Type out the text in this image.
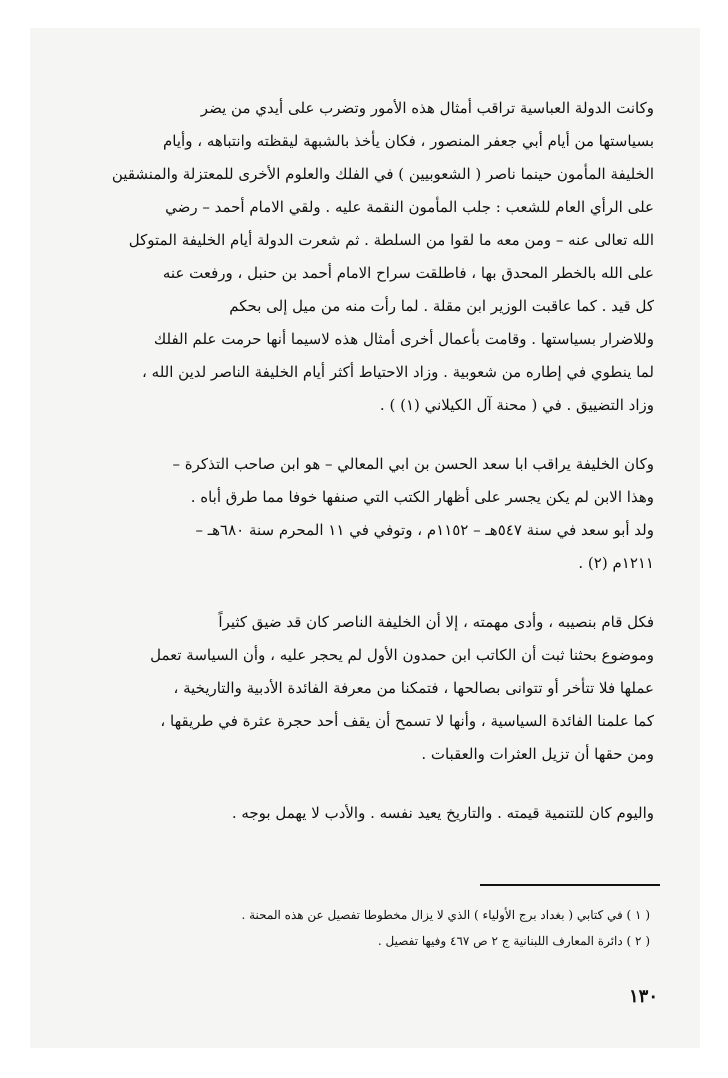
وكانت الدولة العباسية تراقب أمثال هذه الأمور وتضرب على أيدي من يضر
بسياستها من أيام أبي جعفر المنصور ، فكان يأخذ بالشبهة ليقظته وانتباهه ، وأيام
الخليفة المأمون حينما ناصر ( الشعوبيين ) في الفلك والعلوم الأخرى للمعتزلة والمنشقين
على الرأي العام للشعب : جلب المأمون النقمة عليه . ولقي الامام أحمد – رضي
الله تعالى عنه – ومن معه ما لقوا من السلطة . ثم شعرت الدولة أيام الخليفة المتوكل
على الله بالخطر المحدق بها ، فاطلقت سراح الامام أحمد بن حنبل ، ورفعت عنه
كل قيد . كما عاقبت الوزير ابن مقلة . لما رأت منه من ميل إلى بحكم
وللاضرار بسياستها . وقامت بأعمال أخرى أمثال هذه لاسيما أنها حرمت علم الفلك
لما ينطوي في إطاره من شعوبية . وزاد الاحتياط أكثر أيام الخليفة الناصر لدين الله ،
وزاد التضييق . في ( محنة آل الكيلاني (١) ) .
وكان الخليفة يراقب ابا سعد الحسن بن ابي المعالي – هو ابن صاحب التذكرة –
وهذا الابن لم يكن يجسر على أظهار الكتب التي صنفها خوفا مما طرق أباه .
ولد أبو سعد في سنة ٥٤٧هـ – ١١٥٢م ، وتوفي في ١١ المحرم سنة ٦٨٠هـ –
١٢١١م (٢) .
فكل قام بنصيبه ، وأدى مهمته ، إلا أن الخليفة الناصر كان قد ضيق كثيراً
وموضوع بحثنا ثبت أن الكاتب ابن حمدون الأول لم يحجر عليه ، وأن السياسة تعمل
عملها فلا تتأخر أو تتوانى بصالحها ، فتمكنا من معرفة الفائدة الأدبية والتاريخية ،
كما علمنا الفائدة السياسية ، وأنها لا تسمح أن يقف أحد حجرة عثرة في طريقها ،
ومن حقها أن تزيل العثرات والعقبات .
واليوم كان للتنمية قيمته . والتاريخ يعيد نفسه . والأدب لا يهمل بوجه .
( ١ ) في كتابي ( بغداد برج الأولياء ) الذي لا يزال مخطوطا تفصيل عن هذه المحنة .
( ٢ ) دائرة المعارف اللبنانية ج ٢ ص ٤٦٧ وفيها تفصيل .
١٣٠
